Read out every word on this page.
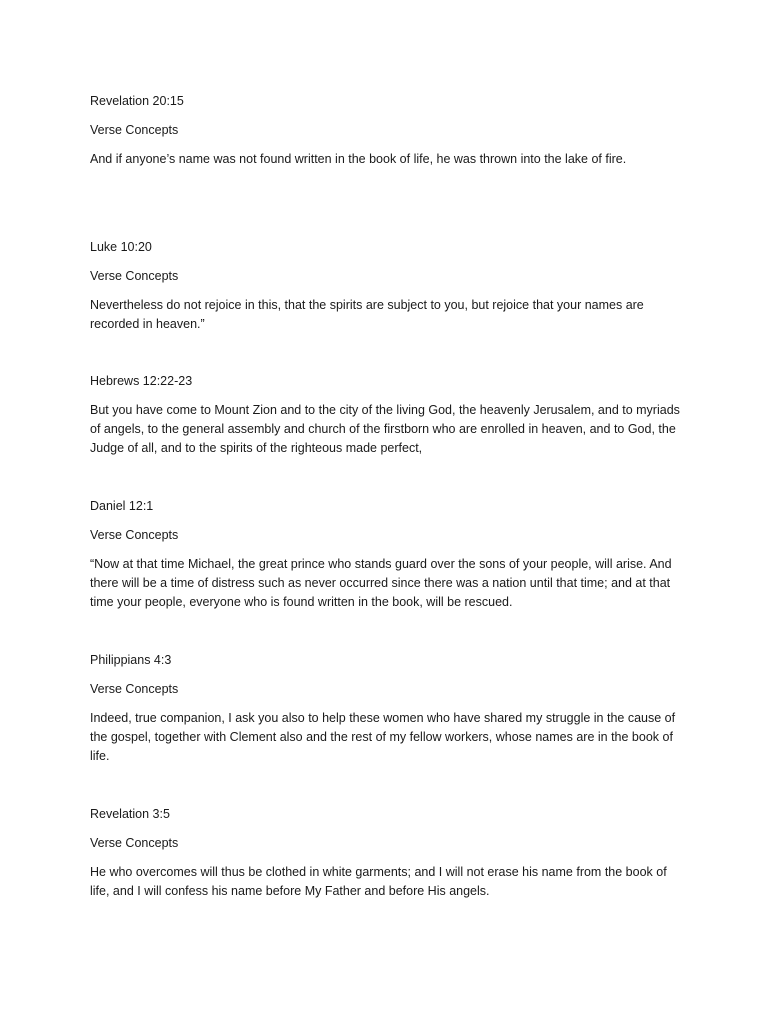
Revelation 20:15

Verse Concepts

And if anyone’s name was not found written in the book of life, he was thrown into the lake of fire.

Luke 10:20

Verse Concepts

Nevertheless do not rejoice in this, that the spirits are subject to you, but rejoice that your names are recorded in heaven.”

Hebrews 12:22-23

But you have come to Mount Zion and to the city of the living God, the heavenly Jerusalem, and to myriads of angels, to the general assembly and church of the firstborn who are enrolled in heaven, and to God, the Judge of all, and to the spirits of the righteous made perfect,

Daniel 12:1

Verse Concepts

“Now at that time Michael, the great prince who stands guard over the sons of your people, will arise. And there will be a time of distress such as never occurred since there was a nation until that time; and at that time your people, everyone who is found written in the book, will be rescued.

Philippians 4:3

Verse Concepts

Indeed, true companion, I ask you also to help these women who have shared my struggle in the cause of the gospel, together with Clement also and the rest of my fellow workers, whose names are in the book of life.

Revelation 3:5

Verse Concepts

He who overcomes will thus be clothed in white garments; and I will not erase his name from the book of life, and I will confess his name before My Father and before His angels.
